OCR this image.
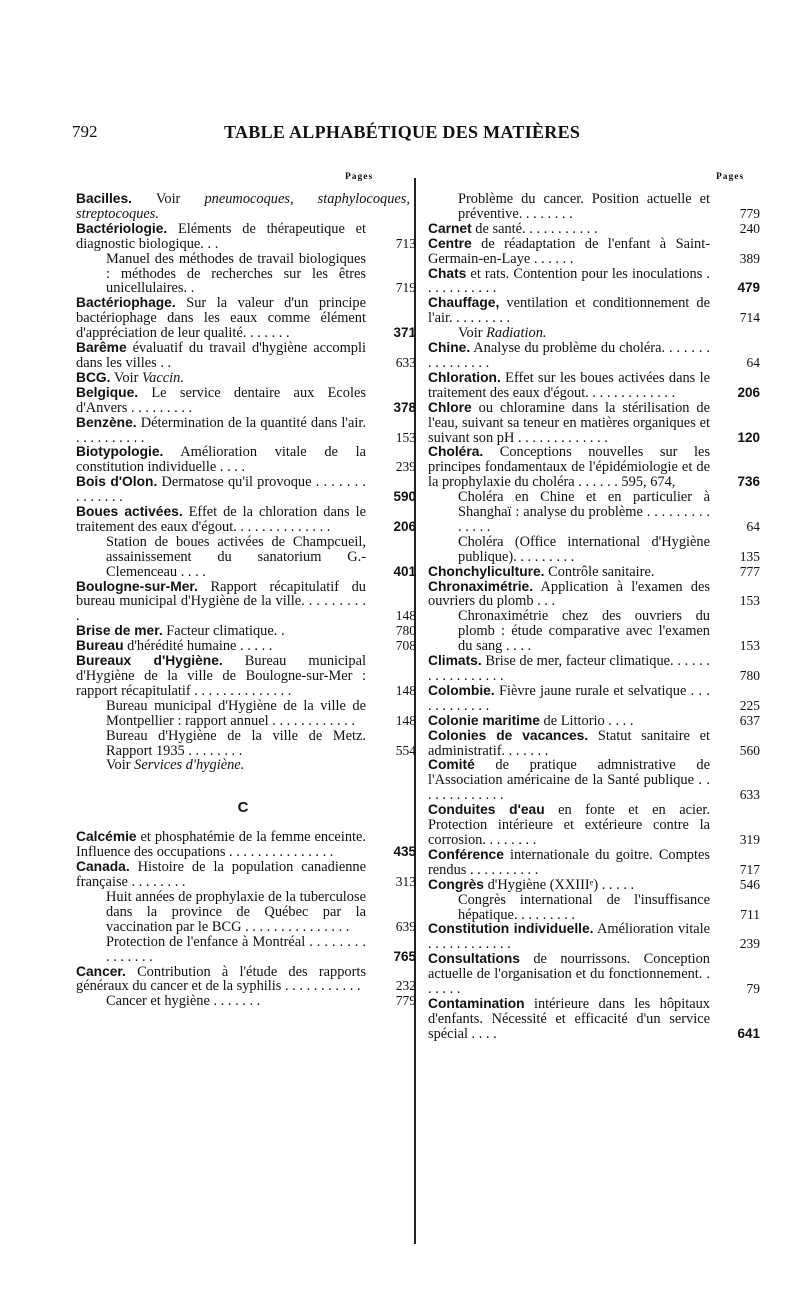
792	TABLE ALPHABÉTIQUE DES MATIÈRES
Pages	Pages
Bacilles. Voir pneumocoques, staphylocoques, streptocoques.
Bactériologie. Eléments de thérapeutique et diagnostic biologique. . .	713
Manuel des méthodes de travail biologiques : méthodes de recherches sur les êtres unicellulaires. .	719
Bactériophage. Sur la valeur d'un principe bactériophage dans les eaux comme élément d'appréciation de leur qualité. . . . . . .	371
Barême évaluatif du travail d'hygiène accompli dans les villes . .	633
BCG. Voir Vaccin.
Belgique. Le service dentaire aux Ecoles d'Anvers . . . . . . . . .	378
Benzène. Détermination de la quantité dans l'air. . . . . . . . . . .	153
Biotypologie. Amélioration vitale de la constitution individuelle . . . .	239
Bois d'Olon. Dermatose qu'il provoque . . . . . . . . . . . . . .	590
Boues activées. Effet de la chloration dans le traitement des eaux d'égout. . . . . . . . . . . . . .	206
Station de boues activées de Champcueil, assainissement du sanatorium G.-Clemenceau . . . .	401
Boulogne-sur-Mer. Rapport récapitulatif du bureau municipal d'Hygiène de la ville. . . . . . . . . .	148
Brise de mer. Facteur climatique. .	780
Bureau d'hérédité humaine . . . . .	708
Bureaux d'Hygiène. Bureau municipal d'Hygiène de la ville de Boulogne-sur-Mer : rapport récapitulatif . . . . . . . . . . . . . .	148
Bureau municipal d'Hygiène de la ville de Montpellier : rapport annuel . . . . . . . . . . . .	148
Bureau d'Hygiène de la ville de Metz. Rapport 1935 . . . . . . . .	554
Voir Services d'hygiène.
C
Calcémie et phosphatémie de la femme enceinte. Influence des occupations . . . . . . . . . . . . . . .	435
Canada. Histoire de la population canadienne française . . . . . . . .	313
Huit années de prophylaxie de la tuberculose dans la province de Québec par la vaccination par le BCG . . . . . . . . . . . . . . .	639
Protection de l'enfance à Montréal . . . . . . . . . . . . . . .	765
Cancer. Contribution à l'étude des rapports généraux du cancer et de la syphilis . . . . . . . . . . .	232
Cancer et hygiène . . . . . . .	779
Problème du cancer. Position actuelle et préventive. . . . . . . .	779
Carnet de santé. . . . . . . . . . .	240
Centre de réadaptation de l'enfant à Saint-Germain-en-Laye . . . . . .	389
Chats et rats. Contention pour les inoculations . . . . . . . . . . .	479
Chauffage, ventilation et conditionnement de l'air. . . . . . . . .	714
Voir Radiation.
Chine. Analyse du problème du choléra. . . . . . . . . . . . . . . .	64
Chloration. Effet sur les boues activées dans le traitement des eaux d'égout. . . . . . . . . . . . .	206
Chlore ou chloramine dans la stérilisation de l'eau, suivant sa teneur en matières organiques et suivant son pH . . . . . . . . . . . . .	120
Choléra. Conceptions nouvelles sur les principes fondamentaux de l'épidémiologie et de la prophylaxie du choléra . . . . . . 595, 674,	736
Choléra en Chine et en particulier à Shanghaï : analyse du problème . . . . . . . . . . . . . .	64
Choléra (Office international d'Hygiène publique). . . . . . . . .	135
Chonchyliculture. Contrôle sanitaire.	777
Chronaximétrie. Application à l'examen des ouvriers du plomb . . .	153
Chronaximétrie chez des ouvriers du plomb : étude comparative avec l'examen du sang . . . .	153
Climats. Brise de mer, facteur climatique. . . . . . . . . . . . . . . . .	780
Colombie. Fièvre jaune rurale et selvatique . . . . . . . . . . . .	225
Colonie maritime de Littorio . . . .	637
Colonies de vacances. Statut sanitaire et administratif. . . . . . .	560
Comité de pratique admnistrative de l'Association américaine de la Santé publique . . . . . . . . . . . . .	633
Conduites d'eau en fonte et en acier. Protection intérieure et extérieure contre la corrosion. . . . . . . .	319
Conférence internationale du goitre. Comptes rendus . . . . . . . . . .	717
Congrès d'Hygiène (XXIIIᵉ) . . . . .	546
Congrès international de l'insuffisance hépatique. . . . . . . . .	711
Constitution individuelle. Amélioration vitale . . . . . . . . . . . .	239
Consultations de nourrissons. Conception actuelle de l'organisation et du fonctionnement. . . . . . .	79
Contamination intérieure dans les hôpitaux d'enfants. Nécessité et efficacité d'un service spécial . . . .	641
